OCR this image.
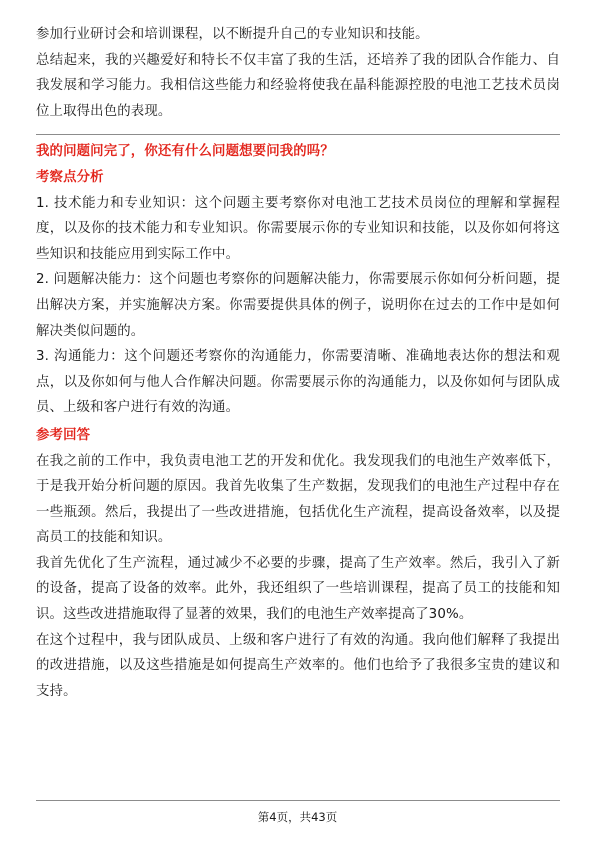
参加行业研讨会和培训课程，以不断提升自己的专业知识和技能。

总结起来，我的兴趣爱好和特长不仅丰富了我的生活，还培养了我的团队合作能力、自我发展和学习能力。我相信这些能力和经验将使我在晶科能源控股的电池工艺技术员岗位上取得出色的表现。

我的问题问完了，你还有什么问题想要问我的吗？

考察点分析

1. 技术能力和专业知识：这个问题主要考察你对电池工艺技术员岗位的理解和掌握程度，以及你的技术能力和专业知识。你需要展示你的专业知识和技能，以及你如何将这些知识和技能应用到实际工作中。

2. 问题解决能力：这个问题也考察你的问题解决能力，你需要展示你如何分析问题，提出解决方案，并实施解决方案。你需要提供具体的例子，说明你在过去的工作中是如何解决类似问题的。

3. 沟通能力：这个问题还考察你的沟通能力，你需要清晰、准确地表达你的想法和观点，以及你如何与他人合作解决问题。你需要展示你的沟通能力，以及你如何与团队成员、上级和客户进行有效的沟通。

参考回答

在我之前的工作中，我负责电池工艺的开发和优化。我发现我们的电池生产效率低下，于是我开始分析问题的原因。我首先收集了生产数据，发现我们的电池生产过程中存在一些瓶颈。然后，我提出了一些改进措施，包括优化生产流程，提高设备效率，以及提高员工的技能和知识。

我首先优化了生产流程，通过减少不必要的步骤，提高了生产效率。然后，我引入了新的设备，提高了设备的效率。此外，我还组织了一些培训课程，提高了员工的技能和知识。这些改进措施取得了显著的效果，我们的电池生产效率提高了30%。

在这个过程中，我与团队成员、上级和客户进行了有效的沟通。我向他们解释了我提出的改进措施，以及这些措施是如何提高生产效率的。他们也给予了我很多宝贵的建议和支持。

第4页，共43页
